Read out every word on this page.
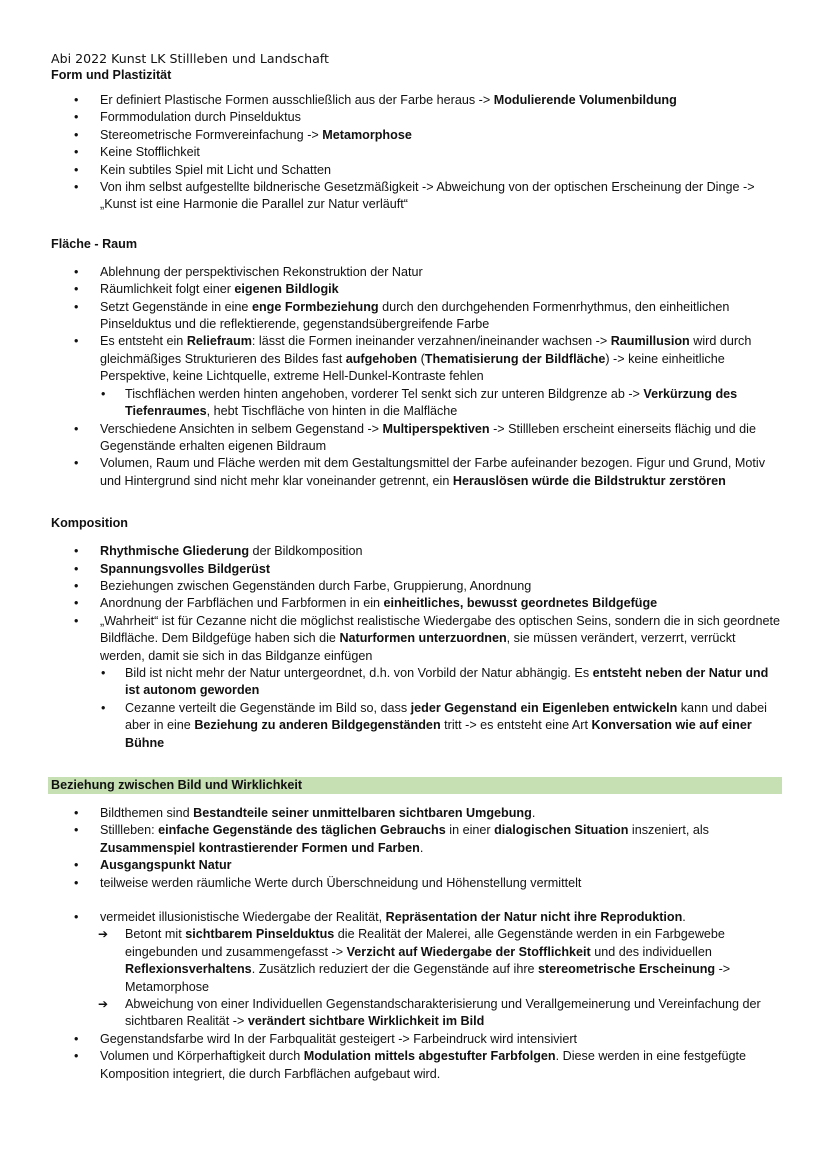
Abi 2022 Kunst LK Stillleben und Landschaft

Form und Plastizität
• Er definiert Plastische Formen ausschließlich aus der Farbe heraus -> Modulierende Volumenbildung
• Formmodulation durch Pinselduktus
• Stereometrische Formvereinfachung -> Metamorphose
• Keine Stofflichkeit
• Kein subtiles Spiel mit Licht und Schatten
• Von ihm selbst aufgestellte bildnerische Gesetzmäßigkeit -> Abweichung von der optischen Erscheinung der Dinge -> „Kunst ist eine Harmonie die Parallel zur Natur verläuft“
Fläche - Raum
• Ablehnung der perspektivischen Rekonstruktion der Natur
• Räumlichkeit folgt einer eigenen Bildlogik
• Setzt Gegenstände in eine enge Formbeziehung durch den durchgehenden Formenrhythmus, den einheitlichen Pinselduktus und die reflektierende, gegenstandsübergreifende Farbe
• Es entsteht ein Reliefraum: lässt die Formen ineinander verzahnen/ineinander wachsen -> Raumillusion wird durch gleichmäßiges Strukturieren des Bildes fast aufgehoben (Thematisierung der Bildfläche) -> keine einheitliche Perspektive, keine Lichtquelle, extreme Hell-Dunkel-Kontraste fehlen
• Tischflächen werden hinten angehoben, vorderer Tel senkt sich zur unteren Bildgrenze ab -> Verkürzung des Tiefenraumes, hebt Tischfläche von hinten in die Malfläche
• Verschiedene Ansichten in selbem Gegenstand -> Multiperspektiven -> Stillleben erscheint einerseits flächig und die Gegenstände erhalten eigenen Bildraum
• Volumen, Raum und Fläche werden mit dem Gestaltungsmittel der Farbe aufeinander bezogen. Figur und Grund, Motiv und Hintergrund sind nicht mehr klar voneinander getrennt, ein Herauslösen würde die Bildstruktur zerstören
Komposition
• Rhythmische Gliederung der Bildkomposition
• Spannungsvolles Bildgerüst
• Beziehungen zwischen Gegenständen durch Farbe, Gruppierung, Anordnung
• Anordnung der Farbflächen und Farbformen in ein einheitliches, bewusst geordnetes Bildgefüge
• „Wahrheit“ ist für Cezanne nicht die möglichst realistische Wiedergabe des optischen Seins, sondern die in sich geordnete Bildfläche. Dem Bildgefüge haben sich die Naturformen unterzuordnen, sie müssen verändert, verzerrt, verrückt werden, damit sie sich in das Bildganze einfügen
• Bild ist nicht mehr der Natur untergeordnet, d.h. von Vorbild der Natur abhängig. Es entsteht neben der Natur und ist autonom geworden
• Cezanne verteilt die Gegenstände im Bild so, dass jeder Gegenstand ein Eigenleben entwickeln kann und dabei aber in eine Beziehung zu anderen Bildgegenständen tritt -> es entsteht eine Art Konversation wie auf einer Bühne
Beziehung zwischen Bild und Wirklichkeit
• Bildthemen sind Bestandteile seiner unmittelbaren sichtbaren Umgebung.
• Stillleben: einfache Gegenstände des täglichen Gebrauchs in einer dialogischen Situation inszeniert, als Zusammenspiel kontrastierender Formen und Farben.
• Ausgangspunkt Natur
• teilweise werden räumliche Werte durch Überschneidung und Höhenstellung vermittelt
• vermeidet illusionistische Wiedergabe der Realität, Repräsentation der Natur nicht ihre Reproduktion.
➔ Betont mit sichtbarem Pinselduktus die Realität der Malerei, alle Gegenstände werden in ein Farbgewebe eingebunden und zusammengefasst -> Verzicht auf Wiedergabe der Stofflichkeit und des individuellen Reflexionsverhaltens. Zusätzlich reduziert der die Gegenstände auf ihre stereometrische Erscheinung -> Metamorphose
➔ Abweichung von einer Individuellen Gegenstandscharakterisierung und Verallgemeinerung und Vereinfachung der sichtbaren Realität -> verändert sichtbare Wirklichkeit im Bild
• Gegenstandsfarbe wird In der Farbqualität gesteigert -> Farbeindruck wird intensiviert
• Volumen und Körperhaftigkeit durch Modulation mittels abgestufter Farbfolgen. Diese werden in eine festgefügte Komposition integriert, die durch Farbflächen aufgebaut wird.
